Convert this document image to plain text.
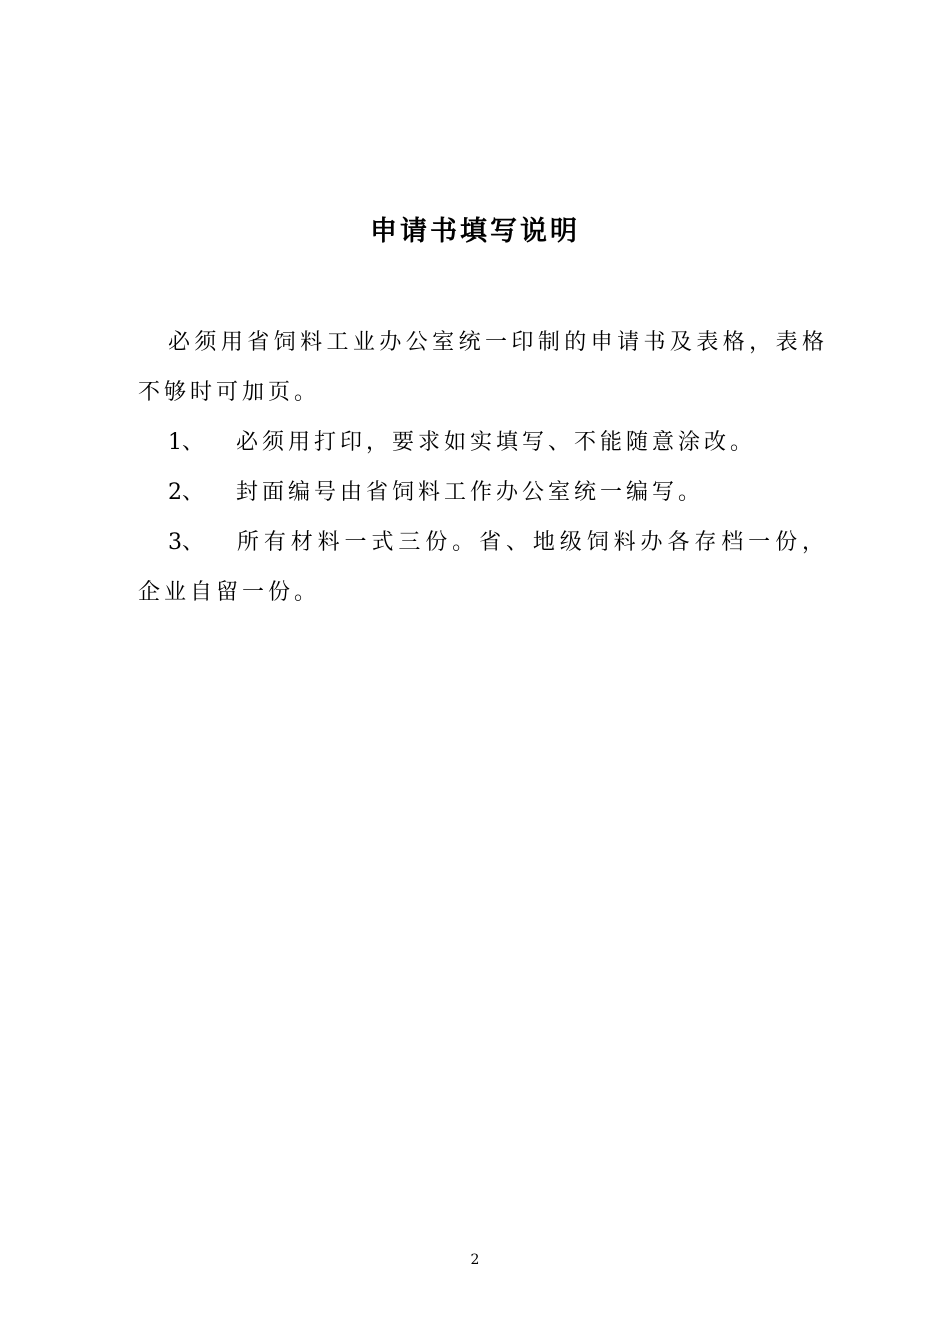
申请书填写说明

必须用省饲料工业办公室统一印制的申请书及表格，表格不够时可加页。

1、 必须用打印，要求如实填写、不能随意涂改。

2、 封面编号由省饲料工作办公室统一编写。

3、 所有材料一式三份。省、地级饲料办各存档一份，企业自留一份。

2
